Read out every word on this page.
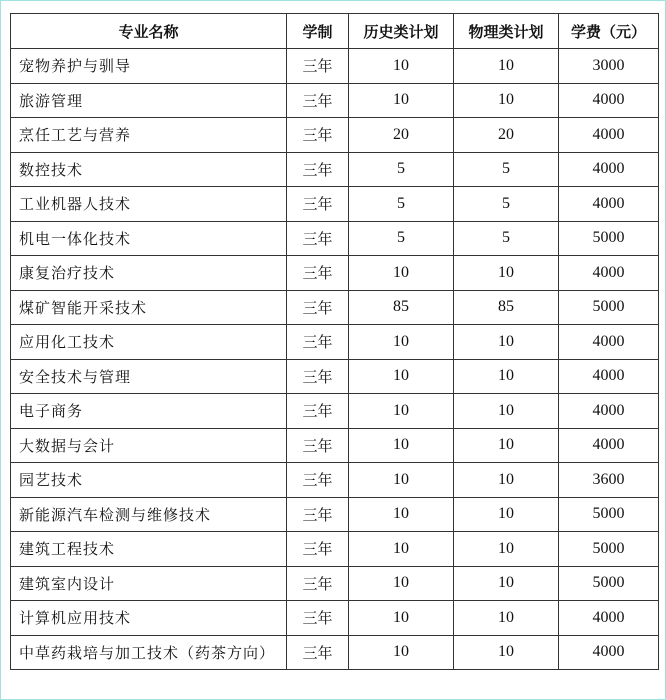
专业名称	学制	历史类计划	物理类计划	学费（元）
宠物养护与驯导	三年	10	10	3000
旅游管理	三年	10	10	4000
烹任工艺与营养	三年	20	20	4000
数控技术	三年	5	5	4000
工业机器人技术	三年	5	5	4000
机电一体化技术	三年	5	5	5000
康复治疗技术	三年	10	10	4000
煤矿智能开采技术	三年	85	85	5000
应用化工技术	三年	10	10	4000
安全技术与管理	三年	10	10	4000
电子商务	三年	10	10	4000
大数据与会计	三年	10	10	4000
园艺技术	三年	10	10	3600
新能源汽车检测与维修技术	三年	10	10	5000
建筑工程技术	三年	10	10	5000
建筑室内设计	三年	10	10	5000
计算机应用技术	三年	10	10	4000
中草药栽培与加工技术（药茶方向）	三年	10	10	4000
